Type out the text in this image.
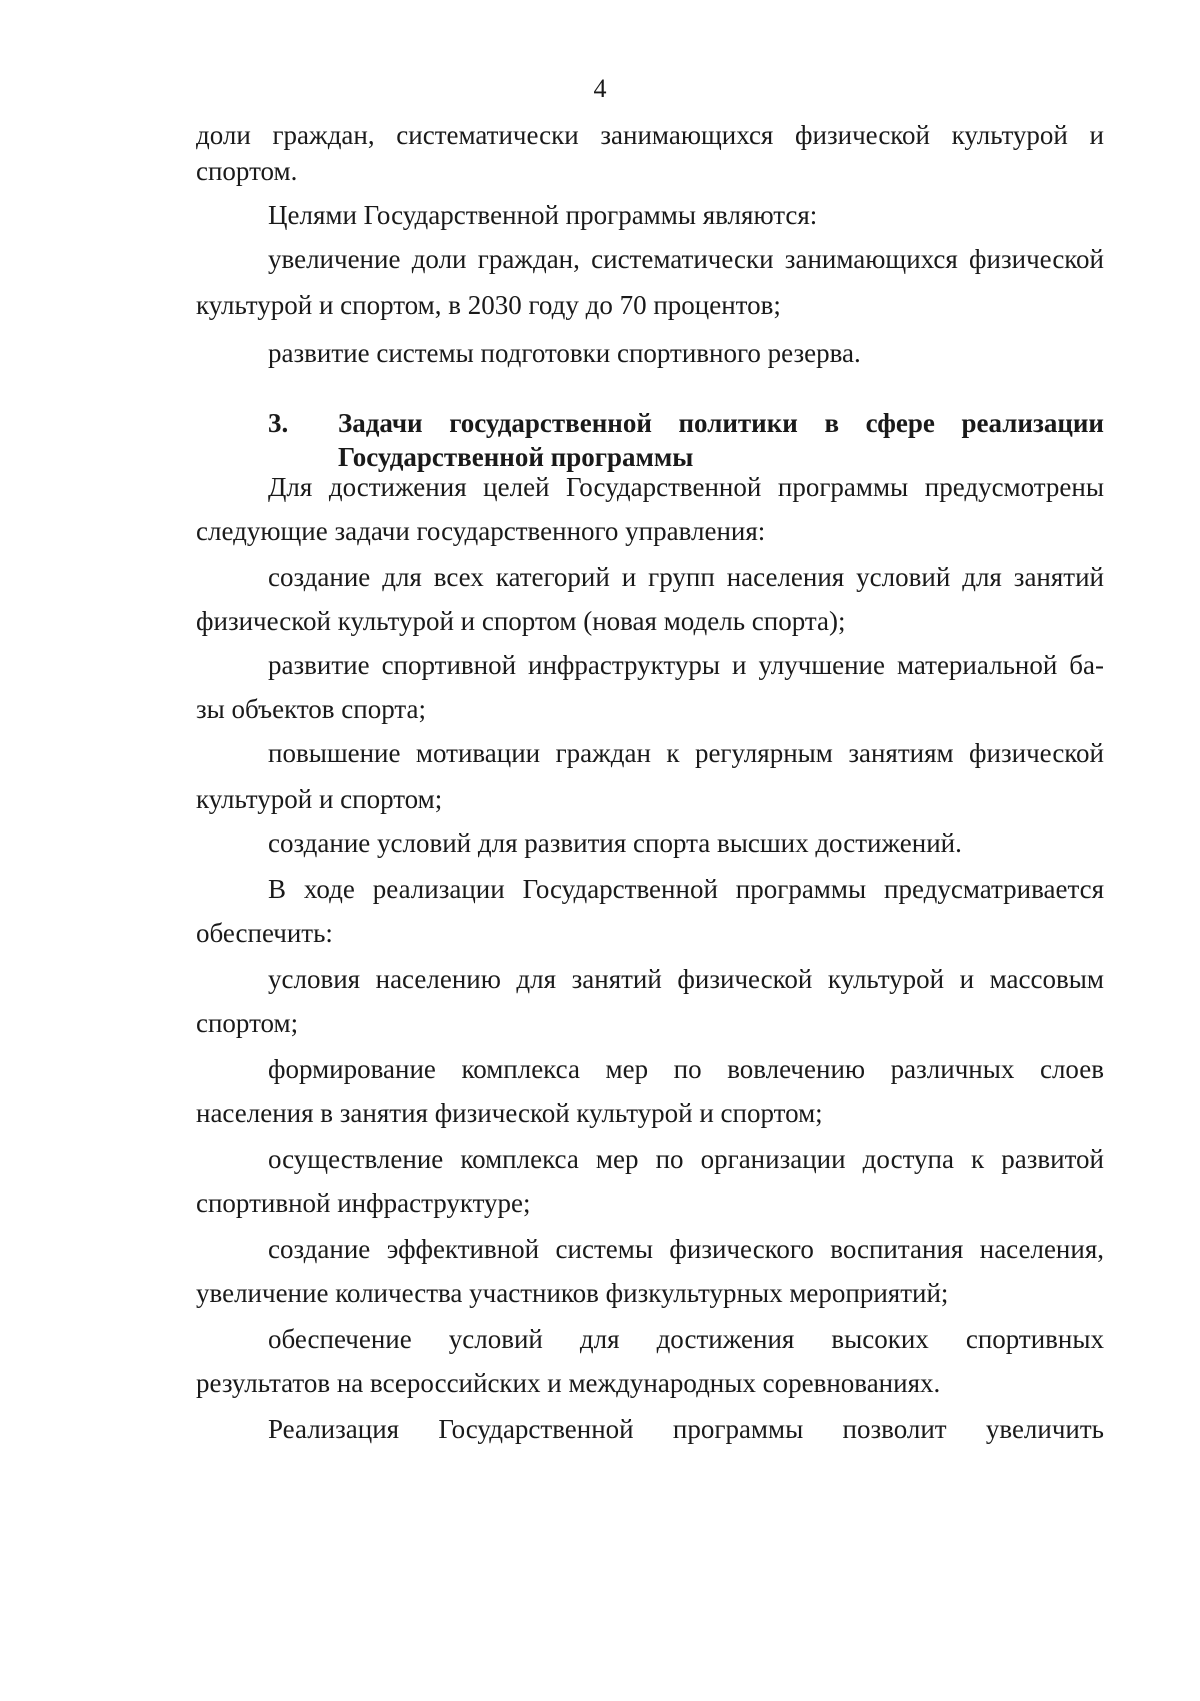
4
доли граждан, систематически занимающихся физической культурой и
спортом.
Целями Государственной программы являются:
увеличение доли граждан, систематически занимающихся физической
культурой и спортом, в 2030 году до 70 процентов;
развитие системы подготовки спортивного резерва.
3. Задачи государственной политики в сфере реализации
Государственной программы
Для достижения целей Государственной программы предусмотрены
следующие задачи государственного управления:
создание для всех категорий и групп населения условий для занятий
физической культурой и спортом (новая модель спорта);
развитие спортивной инфраструктуры и улучшение материальной ба-
зы объектов спорта;
повышение мотивации граждан к регулярным занятиям физической
культурой и спортом;
создание условий для развития спорта высших достижений.
В ходе реализации Государственной программы предусматривается
обеспечить:
условия населению для занятий физической культурой и массовым
спортом;
формирование комплекса мер по вовлечению различных слоев
населения в занятия физической культурой и спортом;
осуществление комплекса мер по организации доступа к развитой
спортивной инфраструктуре;
создание эффективной системы физического воспитания населения,
увеличение количества участников физкультурных мероприятий;
обеспечение условий для достижения высоких спортивных
результатов на всероссийских и международных соревнованиях.
Реализация Государственной программы позволит увеличить
